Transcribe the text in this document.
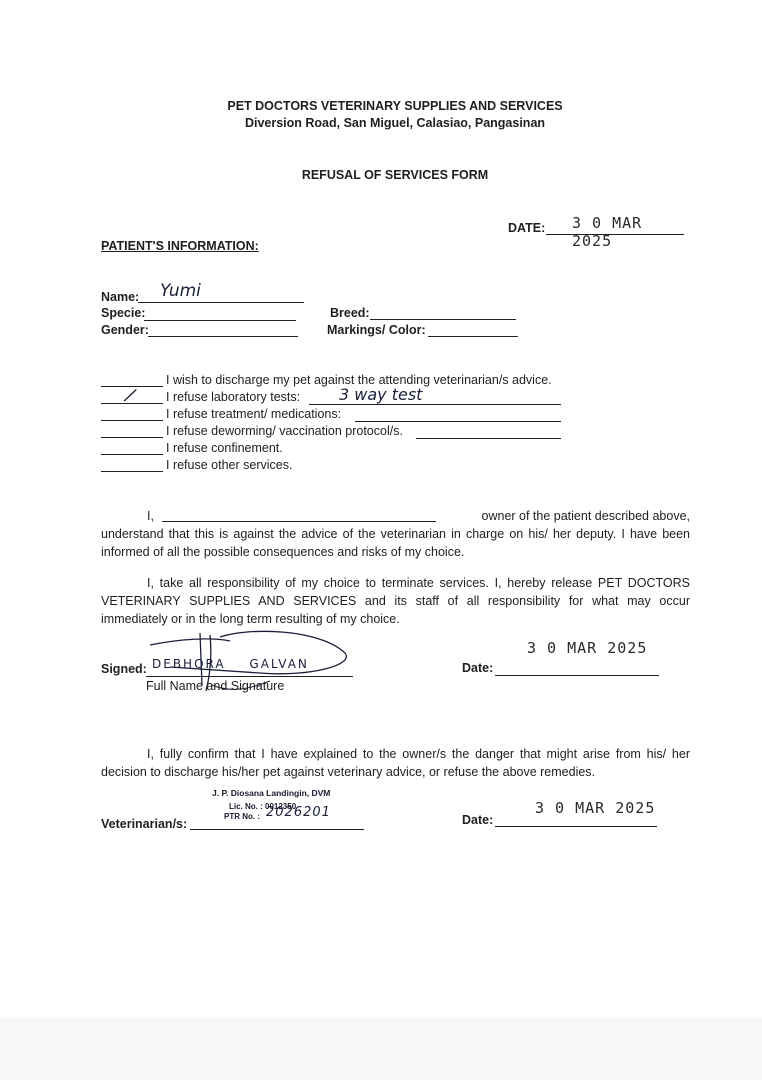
PET DOCTORS VETERINARY SUPPLIES AND SERVICES
Diversion Road, San Miguel, Calasiao, Pangasinan
REFUSAL OF SERVICES FORM
DATE: 3 0 MAR 2025
PATIENT'S INFORMATION:
Name: Yumi
Specie:
Gender:
Breed:
Markings/ Color:
I wish to discharge my pet against the attending veterinarian/s advice.
/ I refuse laboratory tests: 3 way test
I refuse treatment/ medications:
I refuse deworming/ vaccination protocol/s.
I refuse confinement.
I refuse other services.
I,	owner of the patient described above,
understand that this is against the advice of the veterinarian in charge on his/ her deputy. I have been informed of all the possible consequences and risks of my choice.
I, take all responsibility of my choice to terminate services. I, hereby release PET DOCTORS VETERINARY SUPPLIES AND SERVICES and its staff of all responsibility for what may occur immediately or in the long term resulting of my choice.
Signed: DEBHORA GALVAN
Full Name and Signature
Date:
3 0 MAR 2025
I, fully confirm that I have explained to the owner/s the danger that might arise from his/ her decision to discharge his/her pet against veterinary advice, or refuse the above remedies.
Veterinarian/s:
J. P. Diosana Landingin, DVM
Lic. No. : 0012350
PTR No. : 2026201	Date:
3 0 MAR 2025
